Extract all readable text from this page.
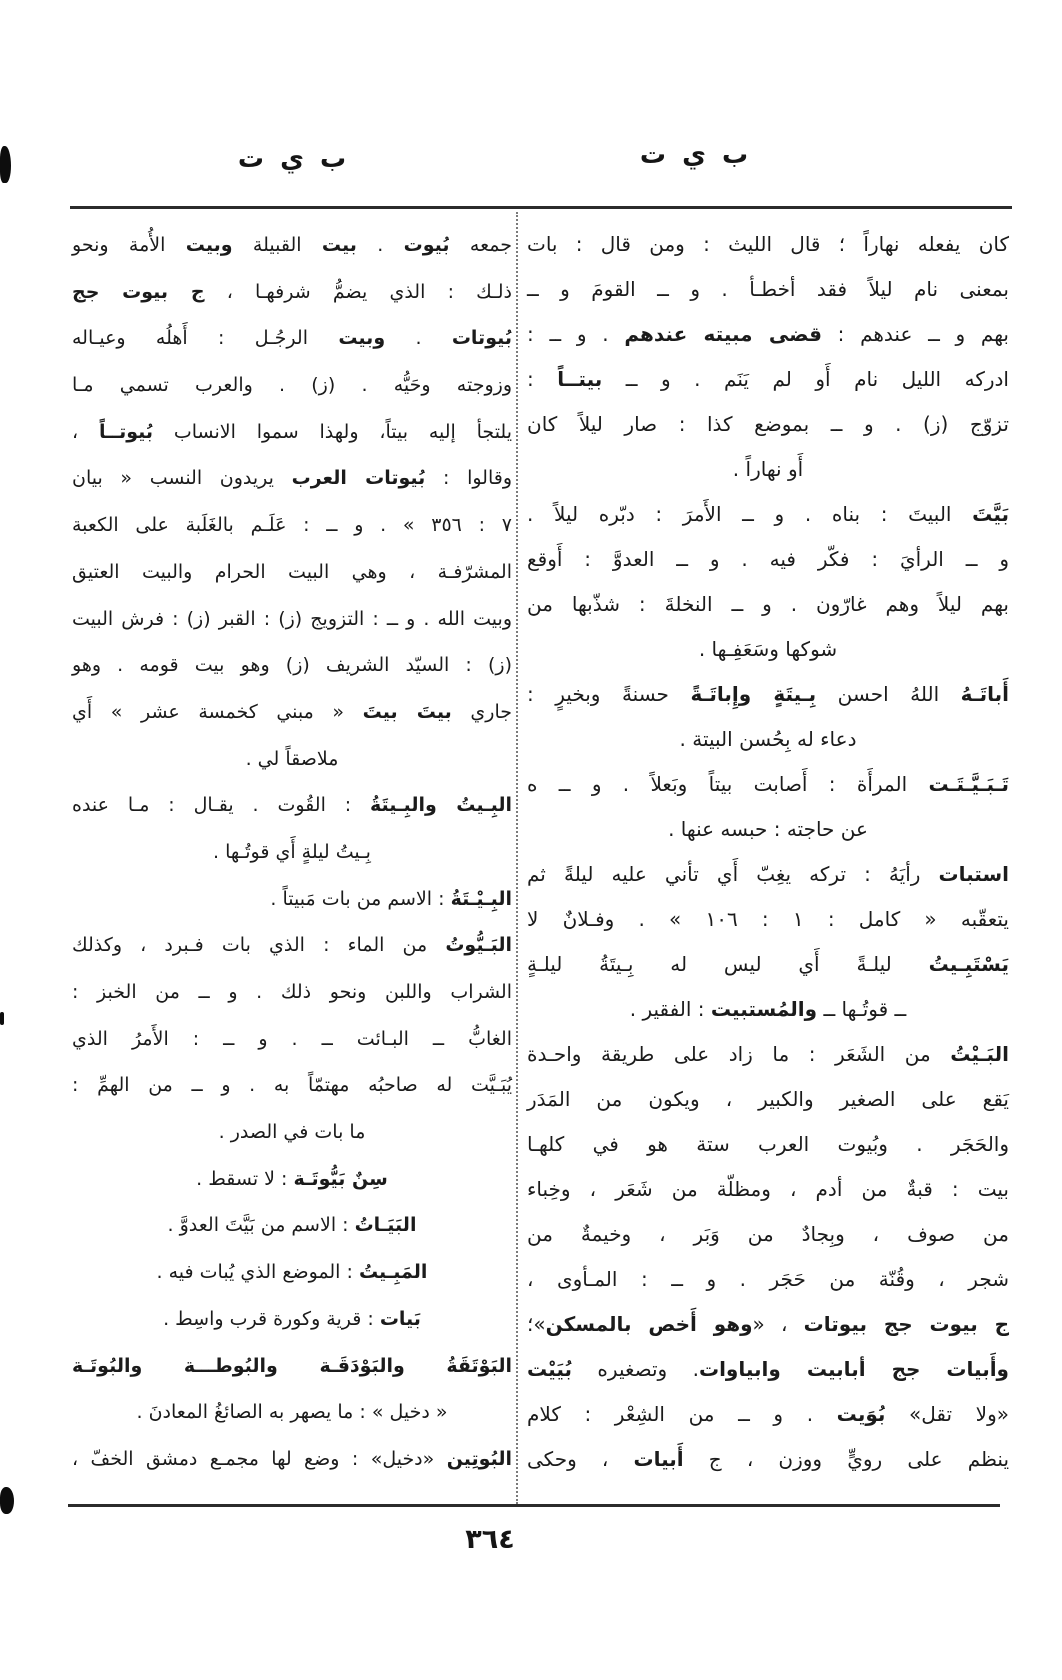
ب ي ت
ب ي ت
كان يفعله نهاراً ؛ قال الليث : ومن قال : بات
بمعنى نام ليلاً فقد أخطـأ . و ــ القومَ و ــ
بهم و ــ عندهم : قضى مبيته عندهم . و ــ :
ادركه الليل نام أَو لم يَنَم . و ــ بيتــاً :
تزوّج (ز) . و ــ بموضع كذا : صار ليلاً كان
أَو نهاراً .
بَيَّتَ البيتَ : بناه . و ــ الأَمرَ : دبّره ليلاً .
و ــ الرأيَ : فكّر فيه . و ــ العدوَّ : أَوقع
بهم ليلاً وهم غارّون . و ــ النخلةَ : شذّبها من
شوكها وسَعَفِـها .
أَباتَـهُ اللهُ احسن بِـيتَةٍ وإِباتَـةً حسنةً وبخيرٍ :
دعاء له بِحُسن البيتة .
تَـبَـيَّـتَـت المرأَة : أَصابت بيتاً وبَعلاً . و ــ ه
عن حاجته : حبسه عنها .
استبات رأيَهُ : تركه يغِبّ أَي تأني عليه ليلةً ثم
يتعقّبه « كامل : ١ : ١٠٦ » . وفـلانٌ لا
يَسْتَبِـيتُ ليلـةً أَي ليس له بِـيتَةُ ليلـةٍ
ــ قوتُـها ــ والمُستبيت : الفقير .
البَـيْتُ من الشَعَر : ما زاد على طريقة واحـدة
يَقع على الصغير والكبير ، ويكون من المَدَر
والحَجَر . وبُيوت العرب ستة هو في كلهـا
بيت : قبةٌ من أدم ، ومظلّة من شَعَر ، وخِباء
من صوف ، وبِجادٌ من وَبَر ، وخيمةٌ من
شجر ، وقُنّة من حَجَر . و ــ : المـأوى ،
ج بيوت جج بيوتات ، «وهو أَخص بالمسكن»؛
وأَبيات جج أبابيت وابياوات. وتصغيره بُيَيْت
«ولا تقل» بُوَيت . و ــ من الشِعْر : كلام
ينظم على رويٍّ ووزن ، ج أَبيات ، وحكى
جمعه بُيوت . بيت القبيلة وبيت الأُمة ونحو
ذلـك : الذي يضمُّ شرفهـا ، ج بيوت جج
بُيوتات . وبيت الرجُـل : أَهلُه وعيـاله
وزوجته وحَيُّه . (ز) . والعرب تسمي مـا
يلتجأ إليه بيتاً، ولهذا سموا الانساب بُيوتــاً ،
وقالوا : بُيوتات العرب يريدون النسب « بيان
٧ : ٣٥٦ » . و ــ : عَلَـم بالغَلَبة على الكعبة
المشرّفـة ، وهي البيت الحرام والبيت العتيق
وبيت الله . و ــ : التزويج (ز) : القبر (ز) : فرش البيت
(ز) : السيّد الشريف (ز) وهو بيت قومه . وهو
جاري بيتَ بيتَ « مبني كخمسة عشر » أَي
ملاصقاً لي .
البِـيتُ والبِـيتَةُ : القُوت . يقـال : مـا عنده
بِـيتُ ليلةٍ أَي قوتُـها .
البِـيْـتَةُ : الاسم من بات مَبيتاً .
البَـيُّوتُ من الماء : الذي بات فـبرد ، وكذلك
الشراب واللبن ونحو ذلك . و ــ من الخبز :
الغابُّ ــ البـائت ــ . و ــ : الأَمرُ الذي
يُبَـيَّت له صاحبُه مهتمّاً به . و ــ من الهمِّ :
ما بات في الصدر .
سِنٌ بَيُّوتَـة : لا تسقط .
البَيَـاتُ : الاسم من بَيَّتَ العدوَّ .
المَبِـيتُ : الموضع الذي يُبات فيه .
بَيات : قرية وكورة قرب واسِط .
البَوْتَقَةُ والبَوْدَقَـة والبُوطـــة والبُوتَـة
« دخيل » : ما يصهر به الصائغُ المعادنَ .
البُوتِين «دخيل» : وضع لها مجمـع دمشق الخفّ ،
٣٦٤
